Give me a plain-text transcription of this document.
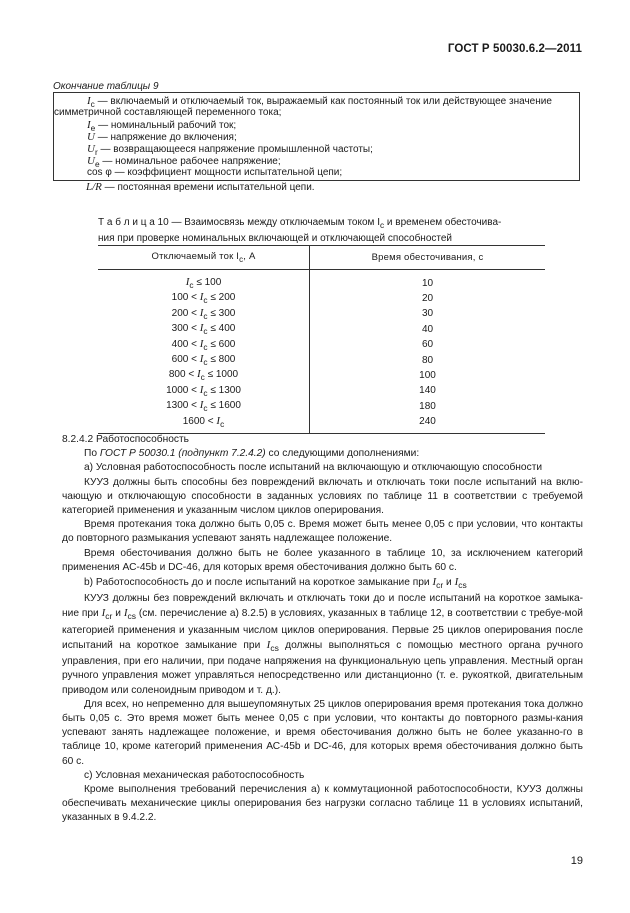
ГОСТ Р 50030.6.2—2011
Окончание таблицы 9
$I_c$ — включаемый и отключаемый ток, выражаемый как постоянный ток или действующее значение
симметричной составляющей переменного тока;
$I_e$ — номинальный рабочий ток;
U — напряжение до включения;
$U_r$ — возвращающееся напряжение промышленной частоты;
$U_e$ — номинальное рабочее напряжение;
cos φ — коэффициент мощности испытательной цепи;
L/R — постоянная времени испытательной цепи.
Т а б л и ц а 10 — Взаимосвязь между отключаемым током $I_c$ и временем обесточива-
ния при проверке номинальных включающей и отключающей способностей
Отключаемый ток $I_c$, А	Время обесточивания, с
$I_c \le 100$	10
$100 < I_c \le 200$	20
$200 < I_c \le 300$	30
$300 < I_c \le 400$	40
$400 < I_c \le 600$	60
$600 < I_c \le 800$	80
$800 < I_c \le 1000$	100
$1000 < I_c \le 1300$	140
$1300 < I_c \le 1600$	180
$1600 < I_c$	240

8.2.4.2 Работоспособность

По ГОСТ Р 50030.1 (подпункт 7.2.4.2) со следующими дополнениями:

а) Условная работоспособность после испытаний на включающую и отключающую способности

КУУЗ должны быть способны без повреждений включать и отключать токи после испытаний на вклю-чающую и отключающую способности в заданных условиях по таблице 11 в соответствии с требуемой категорией применения и указанным числом циклов оперирования.

Время протекания тока должно быть 0,05 с. Время может быть менее 0,05 с при условии, что контакты до повторного размыкания успевают занять надлежащее положение.

Время обесточивания должно быть не более указанного в таблице 10, за исключением категорий применения АС-45b и DC-46, для которых время обесточивания должно быть 60 с.

b) Работоспособность до и после испытаний на короткое замыкание при $I_{cr}$ и $I_{cs}$

КУУЗ должны без повреждений включать и отключать токи до и после испытаний на короткое замыка-ние при $I_{cr}$ и $I_{cs}$ (см. перечисление а) 8.2.5) в условиях, указанных в таблице 12, в соответствии с требуе-мой категорией применения и указанным числом циклов оперирования. Первые 25 циклов оперирования после испытаний на короткое замыкание при $I_{cs}$ должны выполняться с помощью местного органа ручного управления, при его наличии, при подаче напряжения на функциональную цепь управления. Местный орган ручного управления может управляться непосредственно или дистанционно (т. е. рукояткой, двигательным приводом или соленоидным приводом и т. д.).

Для всех, но непременно для вышеупомянутых 25 циклов оперирования время протекания тока должно быть 0,05 с. Это время может быть менее 0,05 с при условии, что контакты до повторного размы-кания успевают занять надлежащее положение, и время обесточивания должно быть не более указанно-го в таблице 10, кроме категорий применения АС-45b и DC-46, для которых время обесточивания должно быть 60 с.

с) Условная механическая работоспособность

Кроме выполнения требований перечисления а) к коммутационной работоспособности, КУУЗ должны обеспечивать механические циклы оперирования без нагрузки согласно таблице 11 в условиях испытаний, указанных в 9.4.2.2.

19
